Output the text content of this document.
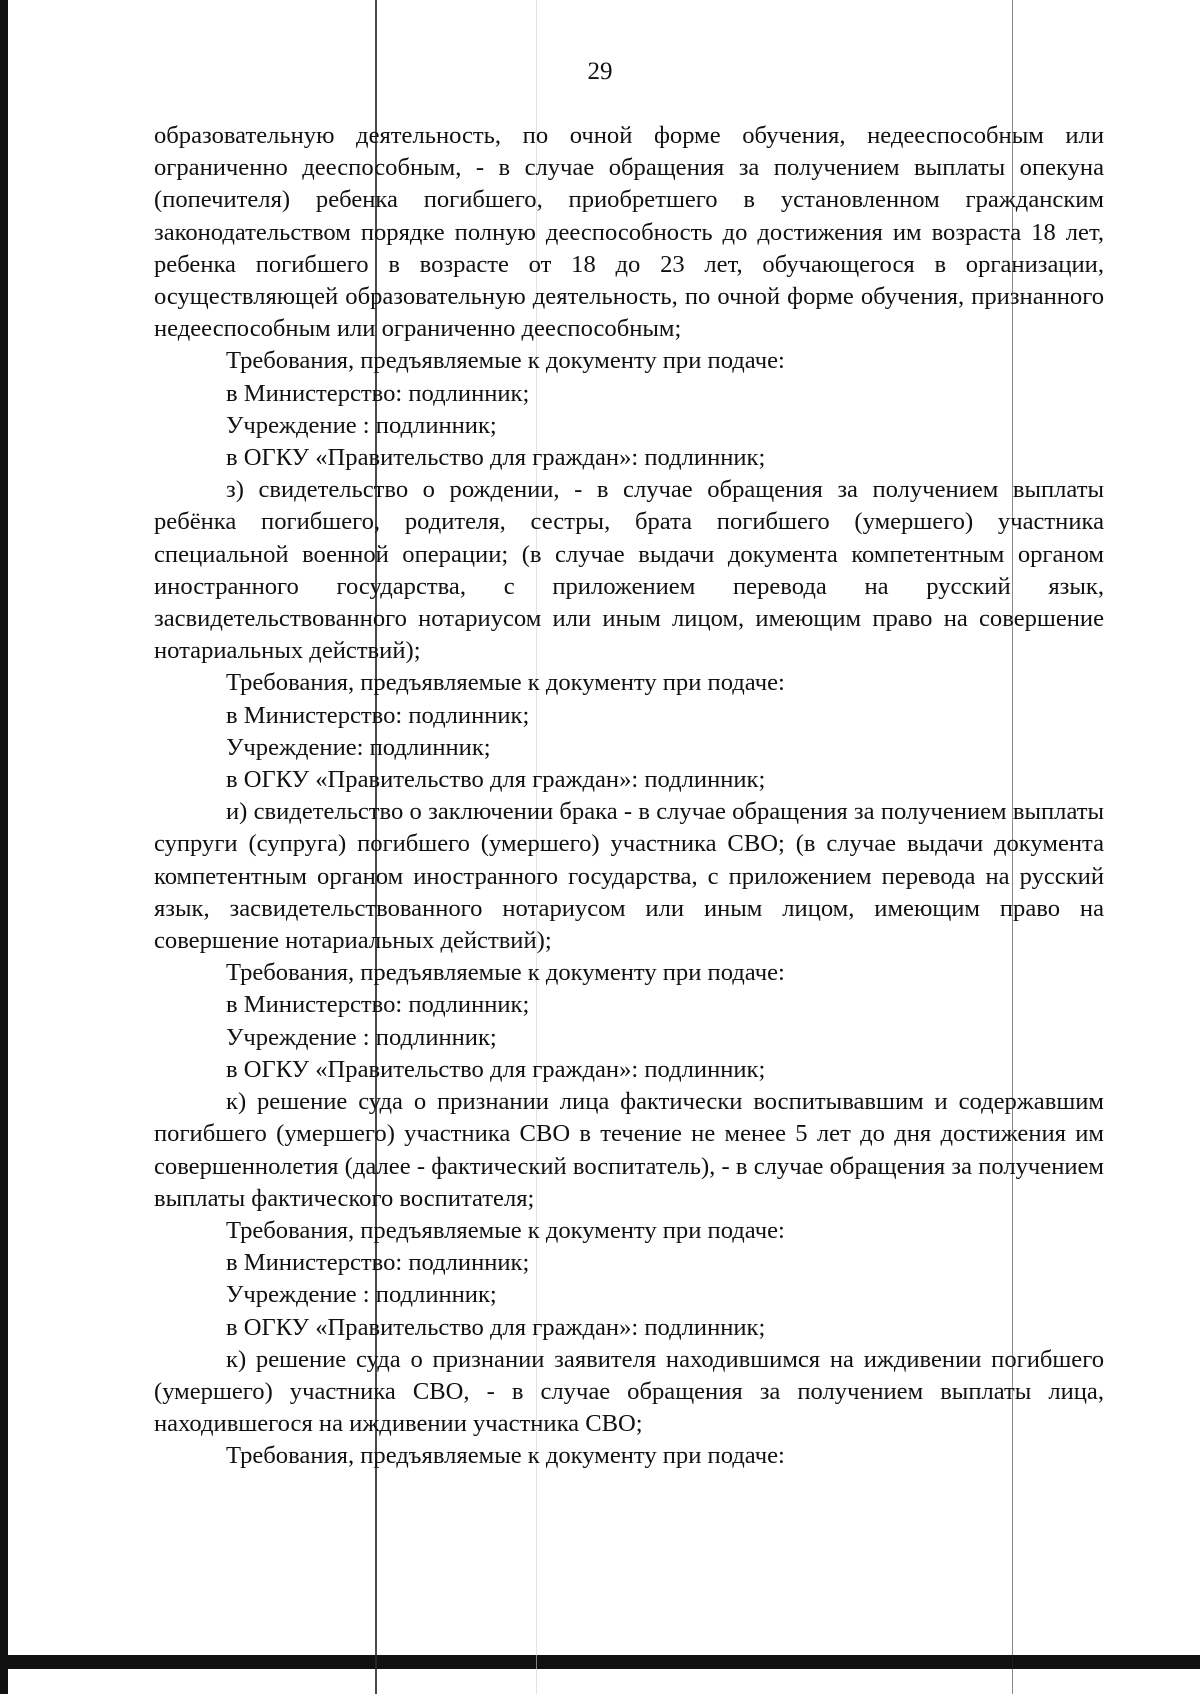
29

образовательную деятельность, по очной форме обучения, недееспособным или ограниченно дееспособным, - в случае обращения за получением выплаты опекуна (попечителя) ребенка погибшего, приобретшего в установленном гражданским законодательством порядке полную дееспособность до достижения им возраста 18 лет, ребенка погибшего в возрасте от 18 до 23 лет, обучающегося в организации, осуществляющей образовательную деятельность, по очной форме обучения, признанного недееспособным или ограниченно дееспособным;

Требования, предъявляемые к документу при подаче:

в Министерство: подлинник;

Учреждение : подлинник;

в ОГКУ «Правительство для граждан»: подлинник;

з) свидетельство о рождении, - в случае обращения за получением выплаты ребёнка погибшего, родителя, сестры, брата погибшего (умершего) участника специальной военной операции; (в случае выдачи документа компетентным органом иностранного государства, с приложением перевода на русский язык, засвидетельствованного нотариусом или иным лицом, имеющим право на совершение нотариальных действий);

Требования, предъявляемые к документу при подаче:

в Министерство: подлинник;

Учреждение: подлинник;

в ОГКУ «Правительство для граждан»: подлинник;

и) свидетельство о заключении брака - в случае обращения за получением выплаты супруги (супруга) погибшего (умершего) участника СВО; (в случае выдачи документа компетентным органом иностранного государства, с приложением перевода на русский язык, засвидетельствованного нотариусом или иным лицом, имеющим право на совершение нотариальных действий);

Требования, предъявляемые к документу при подаче:

в Министерство: подлинник;

Учреждение : подлинник;

в ОГКУ «Правительство для граждан»: подлинник;

к) решение суда о признании лица фактически воспитывавшим и содержавшим погибшего (умершего) участника СВО в течение не менее 5 лет до дня достижения им совершеннолетия (далее - фактический воспитатель), - в случае обращения за получением выплаты фактического воспитателя;

Требования, предъявляемые к документу при подаче:

в Министерство: подлинник;

Учреждение : подлинник;

в ОГКУ «Правительство для граждан»: подлинник;

к) решение суда о признании заявителя находившимся на иждивении погибшего (умершего) участника СВО, - в случае обращения за получением выплаты лица, находившегося на иждивении участника СВО;

Требования, предъявляемые к документу при подаче:
